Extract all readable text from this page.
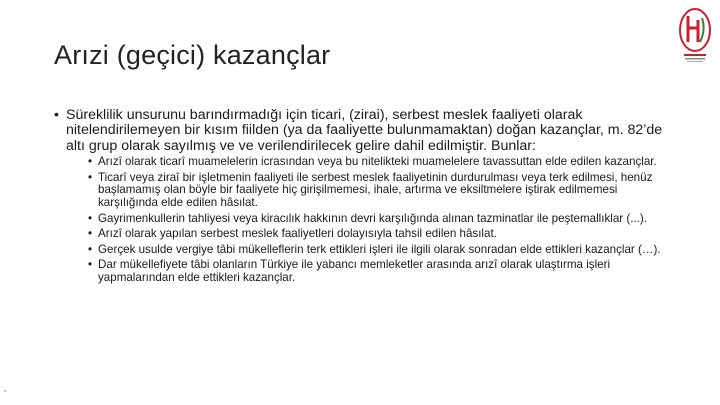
Arızi (geçici) kazançlar
• Süreklilik unsurunu barındırmadığı için ticari, (zirai), serbest meslek faaliyeti olarak nitelendirilemeyen bir kısım fiilden (ya da faaliyette bulunmamaktan) doğan kazançlar, m. 82’de altı grup olarak sayılmış ve ve verilendirilecek gelire dahil edilmiştir. Bunlar:
• Arızî olarak ticarî muamelelerin icrasından veya bu nitelikteki muamelelere tavassuttan elde edilen kazançlar.
• Ticarî veya ziraî bir işletmenin faaliyeti ile serbest meslek faaliyetinin durdurulması veya terk edilmesi, henüz başlamamış olan böyle bir faaliyete hiç girişilmemesi, ihale, artırma ve eksiltmelere iştirak edilmemesi karşılığında elde edilen hâsılat.
• Gayrimenkullerin tahliyesi veya kiracılık hakkının devri karşılığında alınan tazminatlar ile peştemallıklar (...).
• Arızî olarak yapılan serbest meslek faaliyetleri dolayısıyla tahsil edilen hâsılat.
• Gerçek usulde vergiye tâbi mükelleflerin terk ettikleri işleri ile ilgili olarak sonradan elde ettikleri kazançlar (…).
• Dar mükellefiyete tâbi olanların Türkiye ile yabancı memleketler arasında arızî olarak ulaştırma işleri yapmalarından elde ettikleri kazançlar.
▪
